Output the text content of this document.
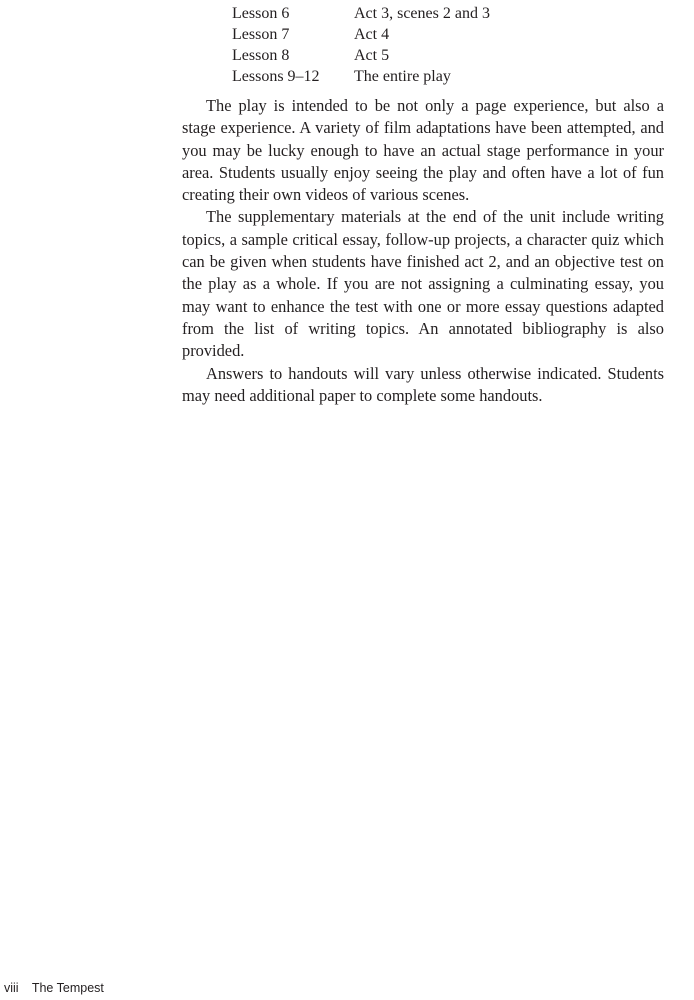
Lesson 6	Act 3, scenes 2 and 3
Lesson 7	Act 4
Lesson 8	Act 5
Lessons 9–12	The entire play

The play is intended to be not only a page experience, but also a stage experience. A variety of film adaptations have been attempted, and you may be lucky enough to have an actual stage performance in your area. Students usually enjoy seeing the play and often have a lot of fun creating their own videos of various scenes.

The supplementary materials at the end of the unit include writing topics, a sample critical essay, follow-up projects, a character quiz which can be given when students have finished act 2, and an objective test on the play as a whole. If you are not assigning a culminating essay, you may want to enhance the test with one or more essay questions adapted from the list of writing topics. An annotated bibliography is also provided.

Answers to handouts will vary unless otherwise indicated. Students may need additional paper to complete some handouts.

viii The Tempest
